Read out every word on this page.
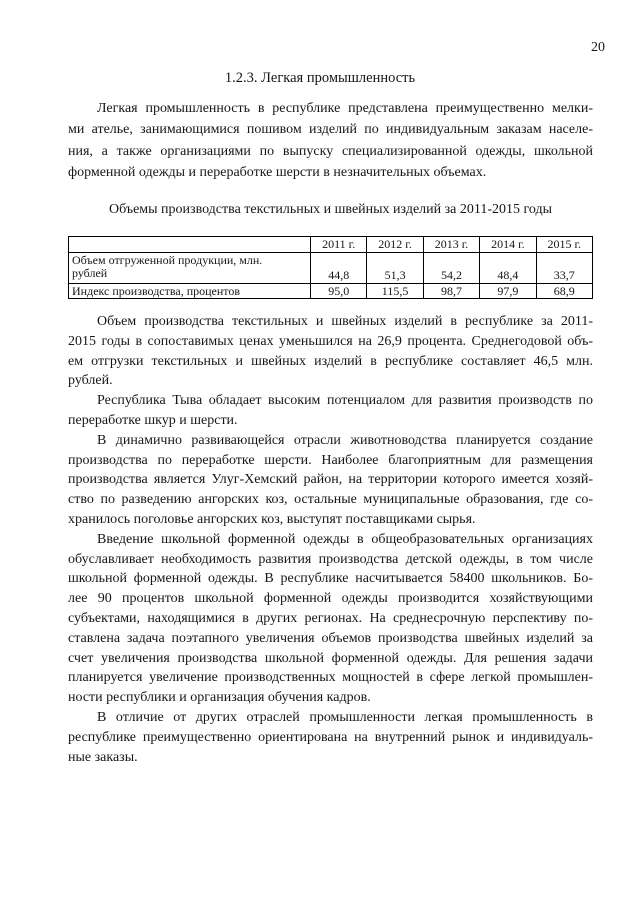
20
1.2.3. Легкая промышленность
Легкая промышленность в республике представлена преимущественно мелки-
ми ателье, занимающимися пошивом изделий по индивидуальным заказам населе-
ния, а также организациями по выпуску специализированной одежды, школьной
форменной одежды и переработке шерсти в незначительных объемах.
Объемы производства текстильных и швейных изделий за 2011-2015 годы
	2011 г.	2012 г.	2013 г.	2014 г.	2015 г.

Объем отгруженной продукции, млн.
рублей	44,8	51,3	54,2	48,4	33,7

Индекс производства, процентов	95,0	115,5	98,7	97,9	68,9
Объем производства текстильных и швейных изделий в республике за 2011-
2015 годы в сопоставимых ценах уменьшился на 26,9 процента. Среднегодовой объ-
ем отгрузки текстильных и швейных изделий в республике составляет 46,5 млн.
рублей.
Республика Тыва обладает высоким потенциалом для развития производств по
переработке шкур и шерсти.
В динамично развивающейся отрасли животноводства планируется создание
производства по переработке шерсти. Наиболее благоприятным для размещения
производства является Улуг-Хемский район, на территории которого имеется хозяй-
ство по разведению ангорских коз, остальные муниципальные образования, где со-
хранилось поголовье ангорских коз, выступят поставщиками сырья.
Введение школьной форменной одежды в общеобразовательных организациях
обуславливает необходимость развития производства детской одежды, в том числе
школьной форменной одежды. В республике насчитывается 58400 школьников. Бо-
лее 90 процентов школьной форменной одежды производится хозяйствующими
субъектами, находящимися в других регионах. На среднесрочную перспективу по-
ставлена задача поэтапного увеличения объемов производства швейных изделий за
счет увеличения производства школьной форменной одежды. Для решения задачи
планируется увеличение производственных мощностей в сфере легкой промышлен-
ности республики и организация обучения кадров.
В отличие от других отраслей промышленности легкая промышленность в
республике преимущественно ориентирована на внутренний рынок и индивидуаль-
ные заказы.
